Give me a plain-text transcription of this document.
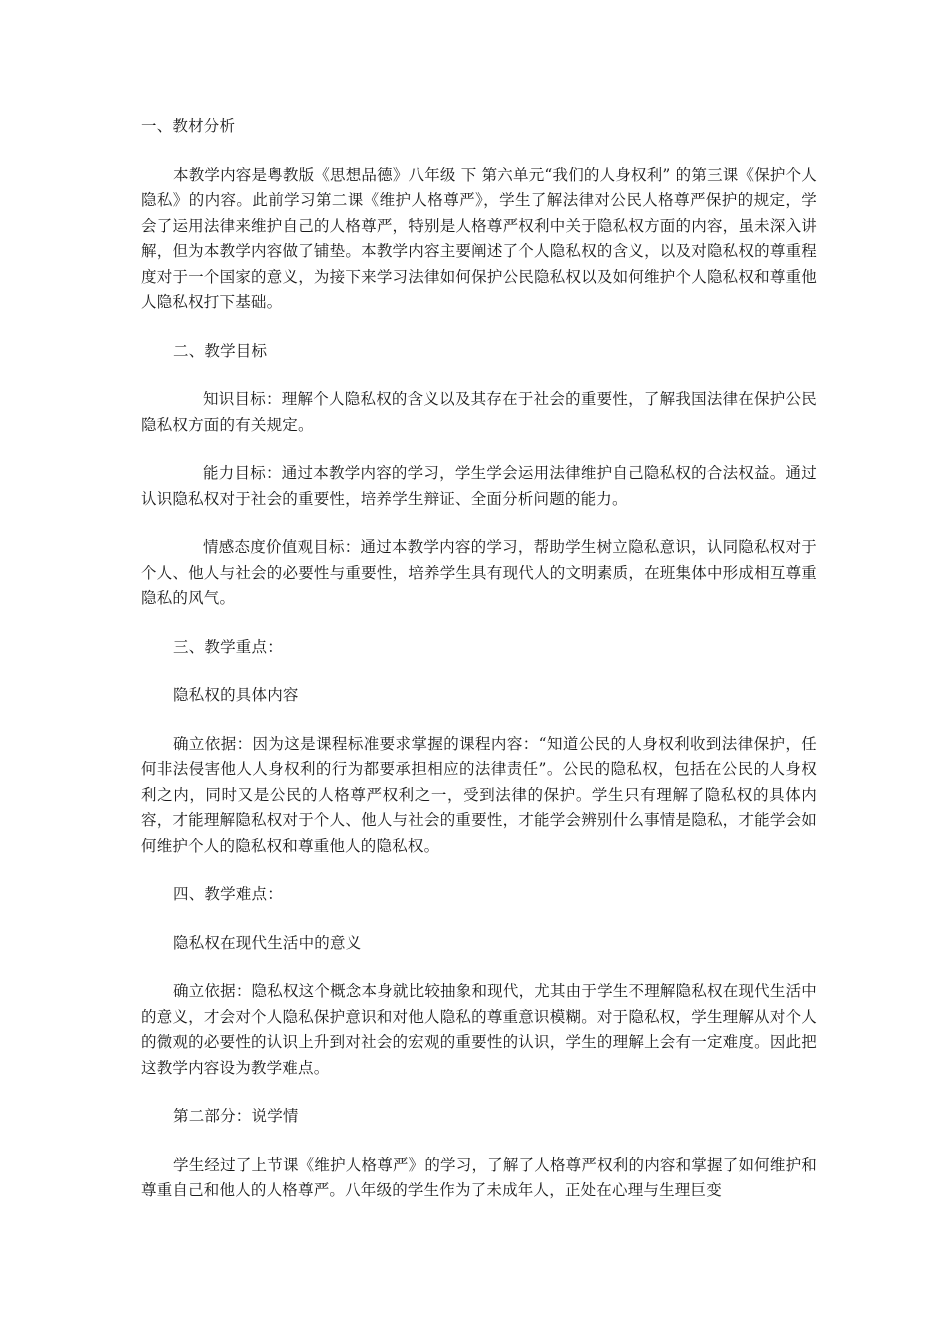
一、教材分析

本教学内容是粤教版《思想品德》八年级 下 第六单元“我们的人身权利” 的第三课《保护个人隐私》的内容。此前学习第二课《维护人格尊严》，学生了解法律对公民人格尊严保护的规定，学会了运用法律来维护自己的人格尊严，特别是人格尊严权利中关于隐私权方面的内容，虽未深入讲解，但为本教学内容做了铺垫。本教学内容主要阐述了个人隐私权的含义，以及对隐私权的尊重程度对于一个国家的意义，为接下来学习法律如何保护公民隐私权以及如何维护个人隐私权和尊重他人隐私权打下基础。

二、教学目标

知识目标：理解个人隐私权的含义以及其存在于社会的重要性，了解我国法律在保护公民隐私权方面的有关规定。

能力目标：通过本教学内容的学习，学生学会运用法律维护自己隐私权的合法权益。通过认识隐私权对于社会的重要性，培养学生辩证、全面分析问题的能力。

情感态度价值观目标：通过本教学内容的学习，帮助学生树立隐私意识，认同隐私权对于个人、他人与社会的必要性与重要性，培养学生具有现代人的文明素质，在班集体中形成相互尊重隐私的风气。

三、教学重点：

隐私权的具体内容

确立依据：因为这是课程标准要求掌握的课程内容：“知道公民的人身权利收到法律保护，任何非法侵害他人人身权利的行为都要承担相应的法律责任”。公民的隐私权，包括在公民的人身权利之内，同时又是公民的人格尊严权利之一，受到法律的保护。学生只有理解了隐私权的具体内容，才能理解隐私权对于个人、他人与社会的重要性，才能学会辨别什么事情是隐私，才能学会如何维护个人的隐私权和尊重他人的隐私权。

四、教学难点：

隐私权在现代生活中的意义

确立依据：隐私权这个概念本身就比较抽象和现代，尤其由于学生不理解隐私权在现代生活中的意义，才会对个人隐私保护意识和对他人隐私的尊重意识模糊。对于隐私权，学生理解从对个人的微观的必要性的认识上升到对社会的宏观的重要性的认识，学生的理解上会有一定难度。因此把这教学内容设为教学难点。

第二部分：说学情

学生经过了上节课《维护人格尊严》的学习，了解了人格尊严权利的内容和掌握了如何维护和尊重自己和他人的人格尊严。八年级的学生作为了未成年人，正处在心理与生理巨变
